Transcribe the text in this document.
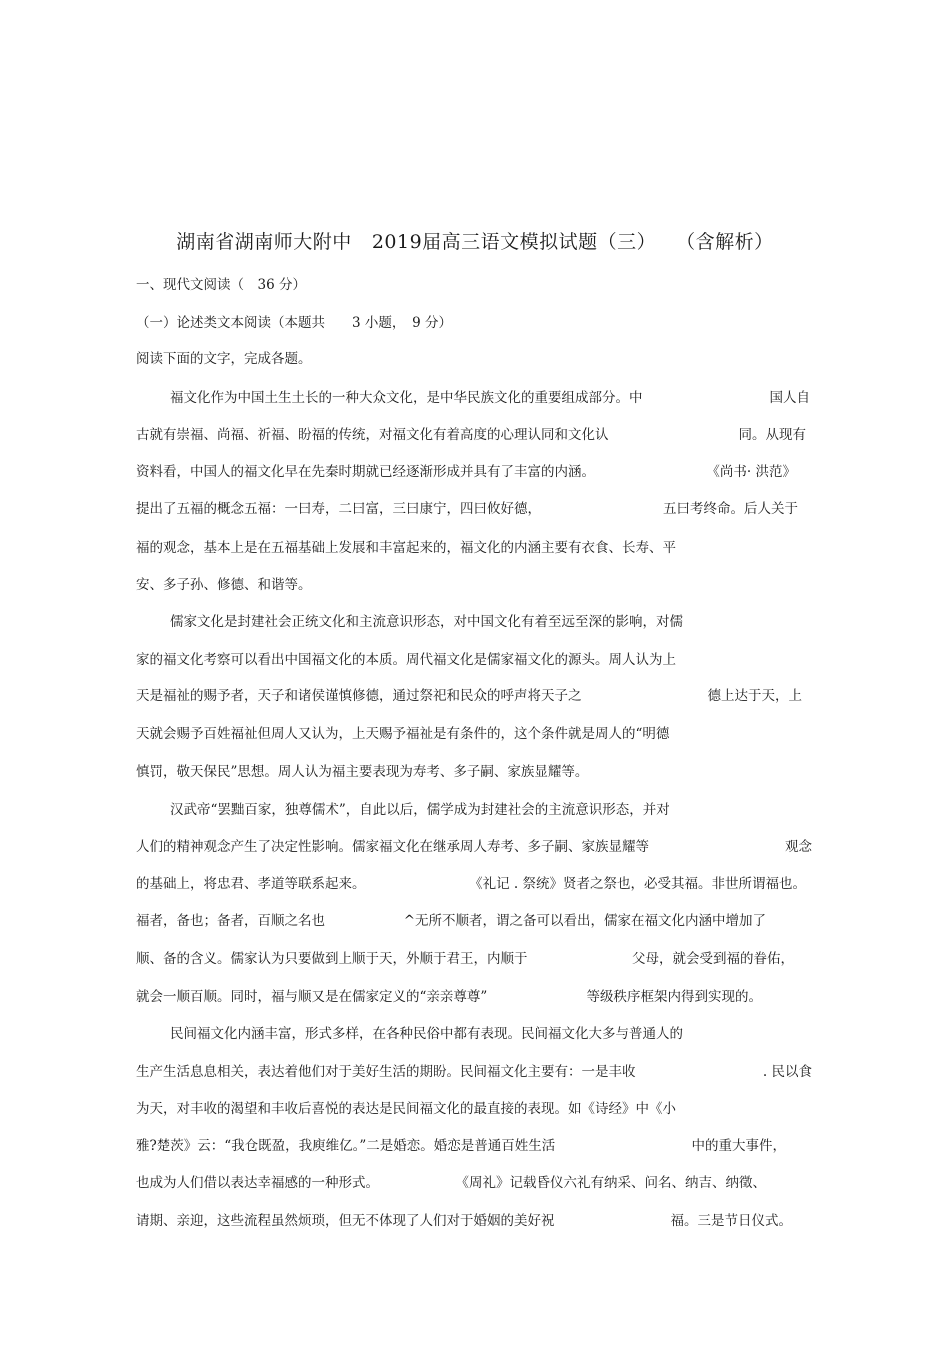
湖南省湖南师大附中 2019届高三语文模拟试题（三） （含解析）
一、现代文阅读（　36 分）
（一）论述类文本阅读（本题共　　3 小题，　9 分）
阅读下面的文字，完成各题。
福文化作为中国土生土长的一种大众文化，是中华民族文化的重要组成部分。中	国人自
古就有崇福、尚福、祈福、盼福的传统，对福文化有着高度的心理认同和文化认	同。从现有
资料看，中国人的福文化早在先秦时期就已经逐渐形成并具有了丰富的内涵。	《尚书· 洪范》
提出了五福的概念五福：一曰寿，二曰富，三曰康宁，四曰攸好德，	五曰考终命。后人关于
福的观念，基本上是在五福基础上发展和丰富起来的，福文化的内涵主要有衣食、长寿、平
安、多子孙、修德、和谐等。
儒家文化是封建社会正统文化和主流意识形态，对中国文化有着至远至深的影响，对儒
家的福文化考察可以看出中国福文化的本质。周代福文化是儒家福文化的源头。周人认为上
天是福祉的赐予者，天子和诸侯谨慎修德，通过祭祀和民众的呼声将天子之	德上达于天，上
天就会赐予百姓福祉但周人又认为，上天赐予福祉是有条件的，这个条件就是周人的“明德
慎罚，敬天保民”思想。周人认为福主要表现为寿考、多子嗣、家族显耀等。
汉武帝“罢黜百家，独尊儒术”，自此以后，儒学成为封建社会的主流意识形态，并对
人们的精神观念产生了决定性影响。儒家福文化在继承周人寿考、多子嗣、家族显耀等	观念
的基础上，将忠君、孝道等联系起来。	《礼记 . 祭统》贤者之祭也，必受其福。非世所谓福也。
福者，备也；备者，百顺之名也	^无所不顺者，谓之备可以看出，儒家在福文化内涵中增加了
顺、备的含义。儒家认为只要做到上顺于天，外顺于君王，内顺于	父母，就会受到福的眷佑，
就会一顺百顺。同时，福与顺又是在儒家定义的“亲亲尊尊”	等级秩序框架内得到实现的。
民间福文化内涵丰富，形式多样，在各种民俗中都有表现。民间福文化大多与普通人的
生产生活息息相关，表达着他们对于美好生活的期盼。民间福文化主要有：一是丰收	. 民以食
为天，对丰收的渴望和丰收后喜悦的表达是民间福文化的最直接的表现。如《诗经》中《小
雅?楚茨》云：“我仓既盈，我庾维亿。”二是婚恋。婚恋是普通百姓生活	中的重大事件，
也成为人们借以表达幸福感的一种形式。	《周礼》记载昏仪六礼有纳采、问名、纳吉、纳徵、
请期、亲迎，这些流程虽然烦琐，但无不体现了人们对于婚姻的美好祝	福。三是节日仪式。
